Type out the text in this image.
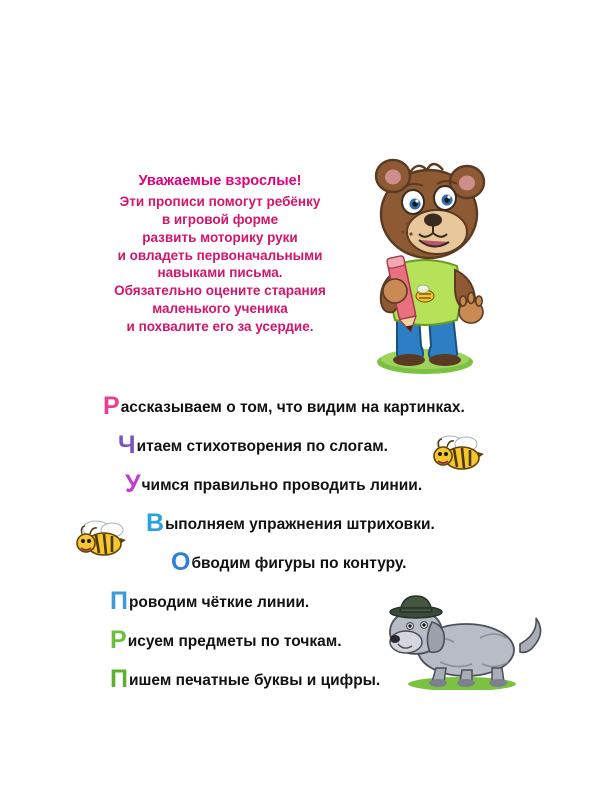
Уважаемые взрослые!
Эти прописи помогут ребёнку
в игровой форме
развить моторику руки
и овладеть первоначальными
навыками письма.
Обязательно оцените старания
маленького ученика
и похвалите его за усердие.
Рассказываем о том, что видим на картинках.
Читаем стихотворения по слогам.
Учимся правильно проводить линии.
Выполняем упражнения штриховки.
Обводим фигуры по контуру.
Проводим чёткие линии.
Рисуем предметы по точкам.
Пишем печатные буквы и цифры.
